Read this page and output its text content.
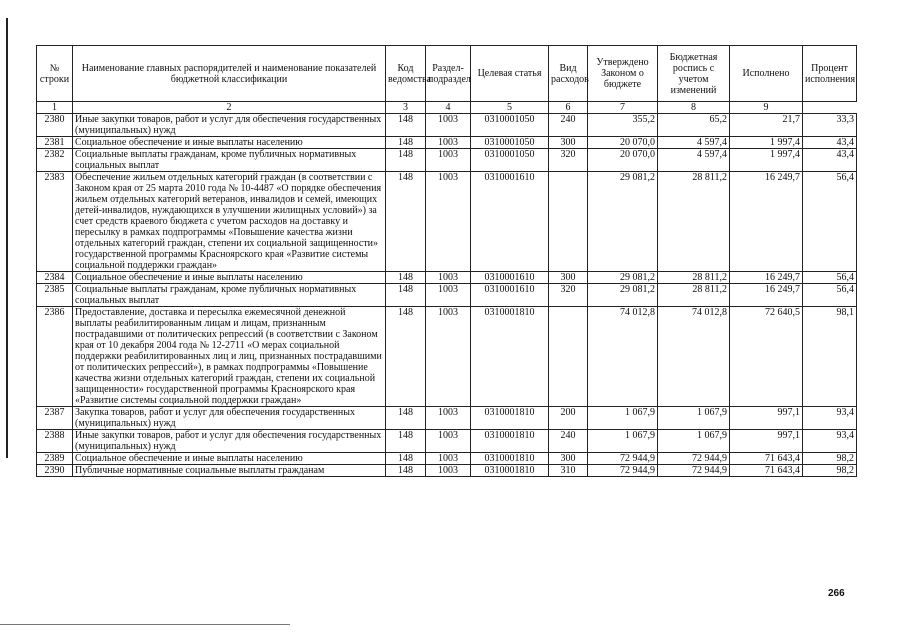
№ строки	Наименование главных распорядителей и наименование показателей бюджетной классификации	Код ведомства	Раздел-подраздел	Целевая статья	Вид расходов	Утверждено Законом о бюджете	Бюджетная роспись с учетом изменений	Исполнено	Процент исполнения
1	2	3	4	5	6	7	8	9	
2380	Иные закупки товаров, работ и услуг для обеспечения государственных (муниципальных) нужд	148	1003	0310001050	240	355,2	65,2	21,7	33,3
2381	Социальное обеспечение и иные выплаты населению	148	1003	0310001050	300	20 070,0	4 597,4	1 997,4	43,4
2382	Социальные выплаты гражданам, кроме публичных нормативных социальных выплат	148	1003	0310001050	320	20 070,0	4 597,4	1 997,4	43,4
2383	Обеспечение жильем отдельных категорий граждан (в соответствии с Законом края от 25 марта 2010 года № 10-4487 «О порядке обеспечения жильем отдельных категорий ветеранов, инвалидов и семей, имеющих детей-инвалидов, нуждающихся в улучшении жилищных условий») за счет средств краевого бюджета с учетом расходов на доставку и пересылку в рамках подпрограммы «Повышение качества жизни отдельных категорий граждан, степени их социальной защищенности» государственной программы Красноярского края «Развитие системы социальной поддержки граждан»	148	1003	0310001610		29 081,2	28 811,2	16 249,7	56,4
2384	Социальное обеспечение и иные выплаты населению	148	1003	0310001610	300	29 081,2	28 811,2	16 249,7	56,4
2385	Социальные выплаты гражданам, кроме публичных нормативных социальных выплат	148	1003	0310001610	320	29 081,2	28 811,2	16 249,7	56,4
2386	Предоставление, доставка и пересылка ежемесячной денежной выплаты реабилитированным лицам и лицам, признанным пострадавшими от политических репрессий (в соответствии с Законом края от 10 декабря 2004 года № 12-2711 «О мерах социальной поддержки реабилитированных лиц и лиц, признанных пострадавшими от политических репрессий»), в рамках подпрограммы «Повышение качества жизни отдельных категорий граждан, степени их социальной защищенности» государственной программы Красноярского края «Развитие системы социальной поддержки граждан»	148	1003	0310001810		74 012,8	74 012,8	72 640,5	98,1
2387	Закупка товаров, работ и услуг для обеспечения государственных (муниципальных) нужд	148	1003	0310001810	200	1 067,9	1 067,9	997,1	93,4
2388	Иные закупки товаров, работ и услуг для обеспечения государственных (муниципальных) нужд	148	1003	0310001810	240	1 067,9	1 067,9	997,1	93,4
2389	Социальное обеспечение и иные выплаты населению	148	1003	0310001810	300	72 944,9	72 944,9	71 643,4	98,2
2390	Публичные нормативные социальные выплаты гражданам	148	1003	0310001810	310	72 944,9	72 944,9	71 643,4	98,2
266
